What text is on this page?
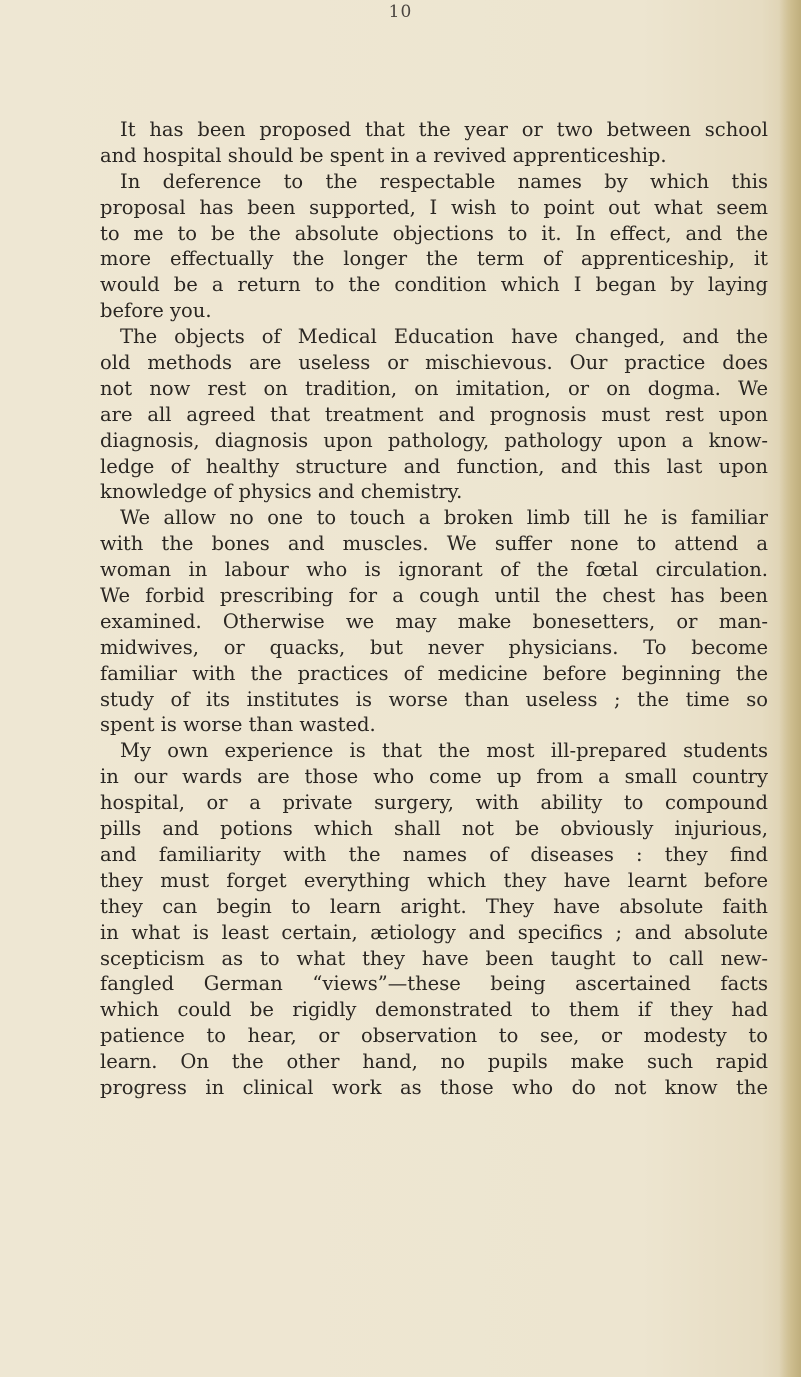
10
It has been proposed that the year or two between school
and hospital should be spent in a revived apprenticeship.
In deference to the respectable names by which this
proposal has been supported, I wish to point out what seem
to me to be the absolute objections to it. In effect, and the
more effectually the longer the term of apprenticeship, it
would be a return to the condition which I began by laying
before you.
The objects of Medical Education have changed, and the
old methods are useless or mischievous. Our practice does
not now rest on tradition, on imitation, or on dogma. We
are all agreed that treatment and prognosis must rest upon
diagnosis, diagnosis upon pathology, pathology upon a know-
ledge of healthy structure and function, and this last upon
knowledge of physics and chemistry.
We allow no one to touch a broken limb till he is familiar
with the bones and muscles. We suffer none to attend a
woman in labour who is ignorant of the fœtal circulation.
We forbid prescribing for a cough until the chest has been
examined. Otherwise we may make bonesetters, or man-
midwives, or quacks, but never physicians. To become
familiar with the practices of medicine before beginning the
study of its institutes is worse than useless ; the time so
spent is worse than wasted.
My own experience is that the most ill-prepared students
in our wards are those who come up from a small country
hospital, or a private surgery, with ability to compound
pills and potions which shall not be obviously injurious,
and familiarity with the names of diseases : they find
they must forget everything which they have learnt before
they can begin to learn aright. They have absolute faith
in what is least certain, ætiology and specifics ; and absolute
scepticism as to what they have been taught to call new-
fangled German “views”—these being ascertained facts
which could be rigidly demonstrated to them if they had
patience to hear, or observation to see, or modesty to
learn. On the other hand, no pupils make such rapid
progress in clinical work as those who do not know the
